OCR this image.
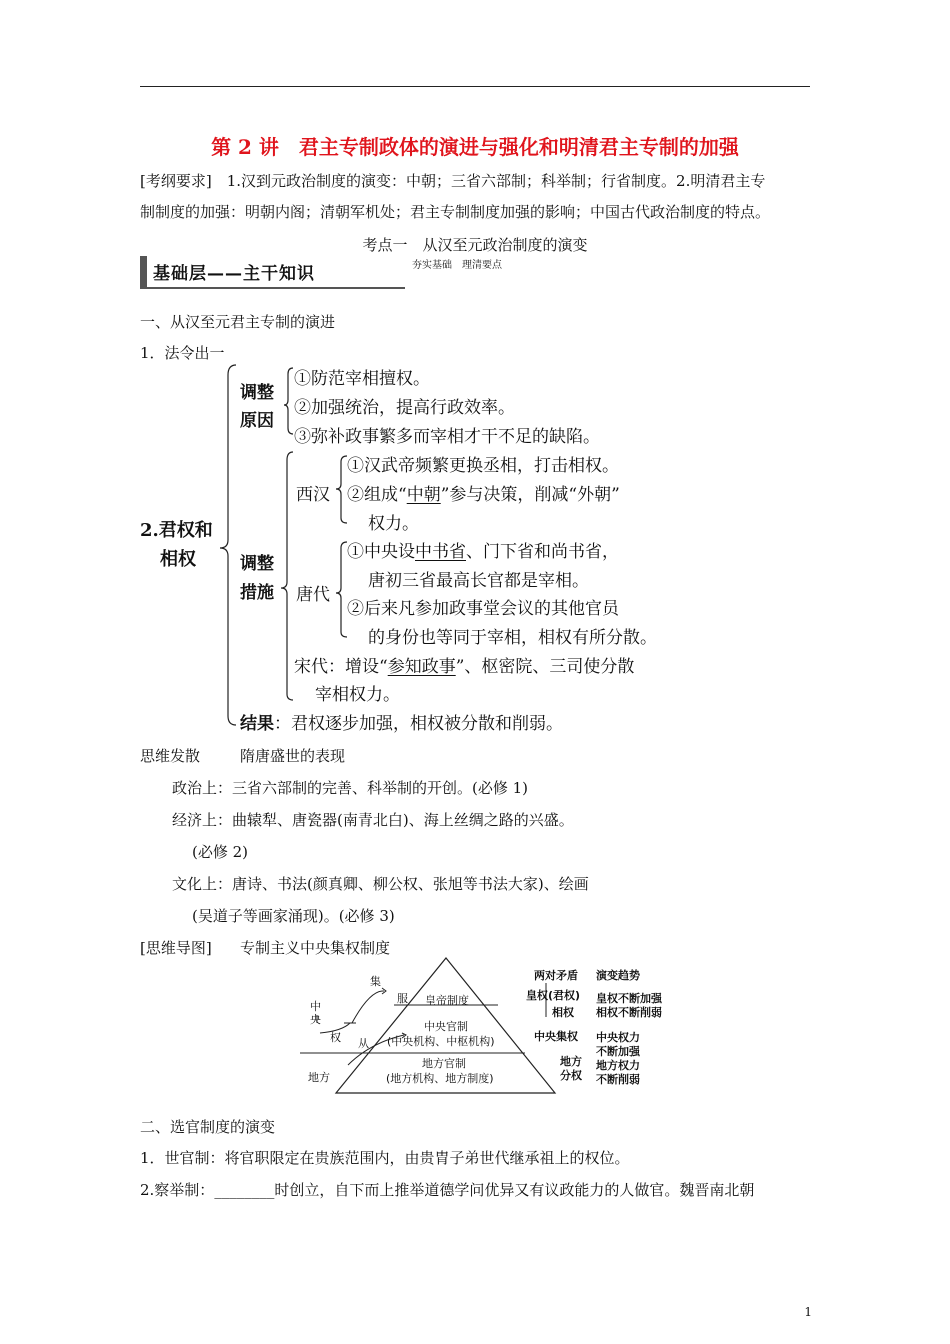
第 2 讲　君主专制政体的演进与强化和明清君主专制的加强
[考纲要求]　1.汉到元政治制度的演变：中朝；三省六部制；科举制；行省制度。2.明清君主专
制制度的加强：明朝内阁；清朝军机处；君主专制制度加强的影响；中国古代政治制度的特点。
考点一　从汉至元政治制度的演变
基础层——主干知识	夯实基础　理清要点
一、从汉至元君主专制的演进
1．法令出一
2.君权和
相权
调整
原因
①防范宰相擅权。
②加强统治，提高行政效率。
③弥补政事繁多而宰相才干不足的缺陷。
调整
措施
西汉
①汉武帝频繁更换丞相，打击相权。
②组成“中朝”参与决策，削减“外朝”
权力。
唐代
①中央设中书省、门下省和尚书省，
唐初三省最高长官都是宰相。
②后来凡参加政事堂会议的其他官员
的身份也等同于宰相，相权有所分散。
宋代：增设“参知政事”、枢密院、三司使分散
宰相权力。
结果：君权逐步加强，相权被分散和削弱。
思维发散	隋唐盛世的表现
政治上：三省六部制的完善、科举制的开创。(必修 1)
经济上：曲辕犁、唐瓷器(南青北白)、海上丝绸之路的兴盛。
(必修 2)
文化上：唐诗、书法(颜真卿、柳公权、张旭等书法大家)、绘画
(吴道子等画家涌现)。(必修 3)
[思维导图] 专制主义中央集权制度
中
央
地方
集
服
权 从
皇帝制度
中央官制
(中央机构、中枢机构)
地方官制
(地方机构、地方制度)
两对矛盾 演变趋势
皇权(君权)
相权
皇权不断加强
相权不断削弱
中央集权
地方
分权
中央权力
不断加强
地方权力
不断削弱
二、选官制度的演变
1．世官制：将官职限定在贵族范围内，由贵胄子弟世代继承祖上的权位。
2.察举制：________时创立，自下而上推举道德学问优异又有议政能力的人做官。魏晋南北朝
1
